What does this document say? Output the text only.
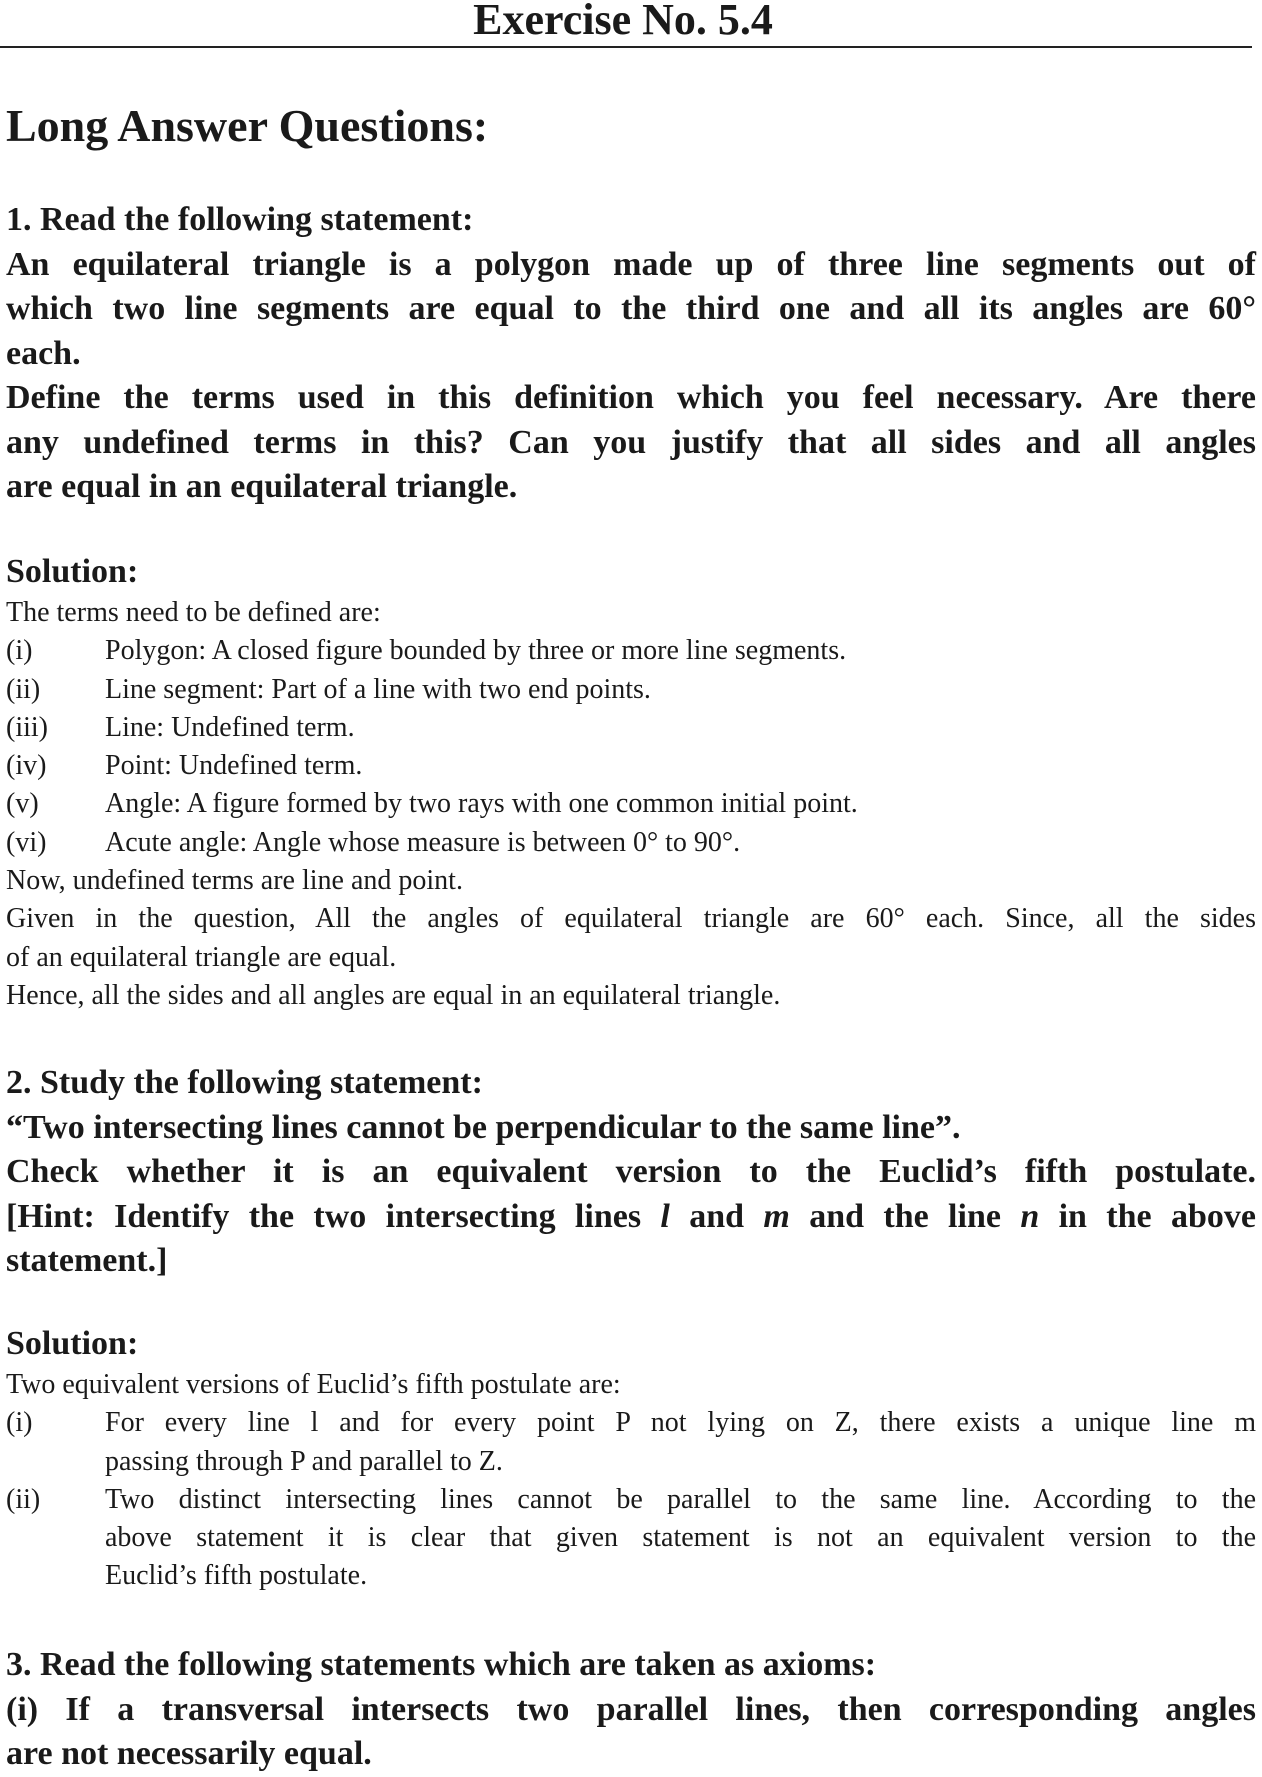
Exercise No. 5.4
Long Answer Questions:

1. Read the following statement:

An equilateral triangle is a polygon made up of three line segments out of

which two line segments are equal to the third one and all its angles are 60°

each.

Define the terms used in this definition which you feel necessary. Are there

any undefined terms in this? Can you justify that all sides and all angles

are equal in an equilateral triangle.

Solution:

The terms need to be defined are:

(i)	Polygon: A closed figure bounded by three or more line segments.
(ii)	Line segment: Part of a line with two end points.
(iii)	Line: Undefined term.
(iv)	Point: Undefined term.
(v)	Angle: A figure formed by two rays with one common initial point.
(vi)	Acute angle: Angle whose measure is between 0° to 90°.

Now, undefined terms are line and point.

Given in the question, All the angles of equilateral triangle are 60° each. Since, all the sides

of an equilateral triangle are equal.

Hence, all the sides and all angles are equal in an equilateral triangle.

2. Study the following statement:

“Two intersecting lines cannot be perpendicular to the same line”.

Check whether it is an equivalent version to the Euclid’s fifth postulate.

[Hint: Identify the two intersecting lines l and m and the line n in the above

statement.]

Solution:

Two equivalent versions of Euclid’s fifth postulate are:

(i)	For every line l and for every point P not lying on Z, there exists a unique line m
passing through P and parallel to Z.
(ii)	Two distinct intersecting lines cannot be parallel to the same line. According to the
above statement it is clear that given statement is not an equivalent version to the
Euclid’s fifth postulate.

3. Read the following statements which are taken as axioms:

(i) If a transversal intersects two parallel lines, then corresponding angles

are not necessarily equal.
